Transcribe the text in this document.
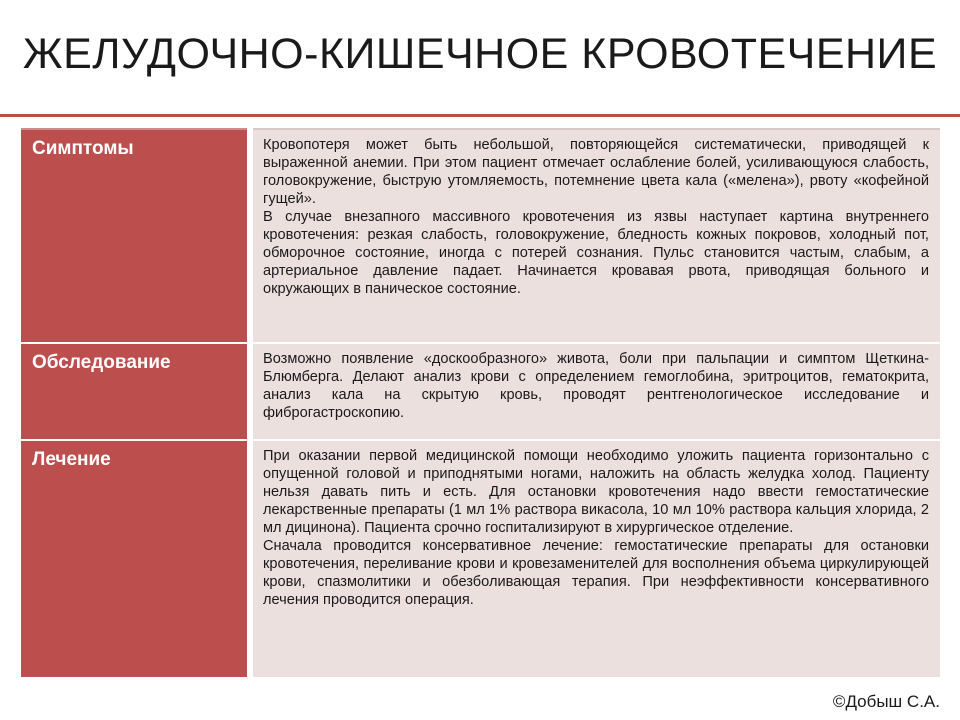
ЖЕЛУДОЧНО-КИШЕЧНОЕ КРОВОТЕЧЕНИЕ
Симптомы	Кровопотеря может быть небольшой, повторяющейся систематически, приводящей к выраженной анемии. При этом пациент отмечает ослабление болей, усиливающуюся слабость, головокружение, быструю утомляемость, потемнение цвета кала («мелена»), рвоту «кофейной гущей».

В случае внезапного массивного кровотечения из язвы наступает картина внутреннего кровотечения: резкая слабость, головокружение, бледность кожных покровов, холодный пот, обморочное состояние, иногда с потерей сознания. Пульс становится частым, слабым, а артериальное давление падает. Начинается кровавая рвота, приводящая больного и окружающих в паническое состояние.

Обследование	Возможно появление «доскообразного» живота, боли при пальпации и симптом Щеткина-Блюмберга. Делают анализ крови с определением гемоглобина, эритроцитов, гематокрита, анализ кала на скрытую кровь, проводят рентгенологическое исследование и фиброгастроскопию.

Лечение	При оказании первой медицинской помощи необходимо уложить пациента горизонтально с опущенной головой и приподнятыми ногами, наложить на область желудка холод. Пациенту нельзя давать пить и есть. Для остановки кровотечения надо ввести гемостатические лекарственные препараты (1 мл 1% раствора викасола, 10 мл 10% раствора кальция хлорида, 2 мл дицинона). Пациента срочно госпитализируют в хирургическое отделение.

Сначала проводится консервативное лечение: гемостатические препараты для остановки кровотечения, переливание крови и кровезаменителей для восполнения объема циркулирующей крови, спазмолитики и обезболивающая терапия. При неэффективности консервативного лечения проводится операция.

©Добыш С.А.
